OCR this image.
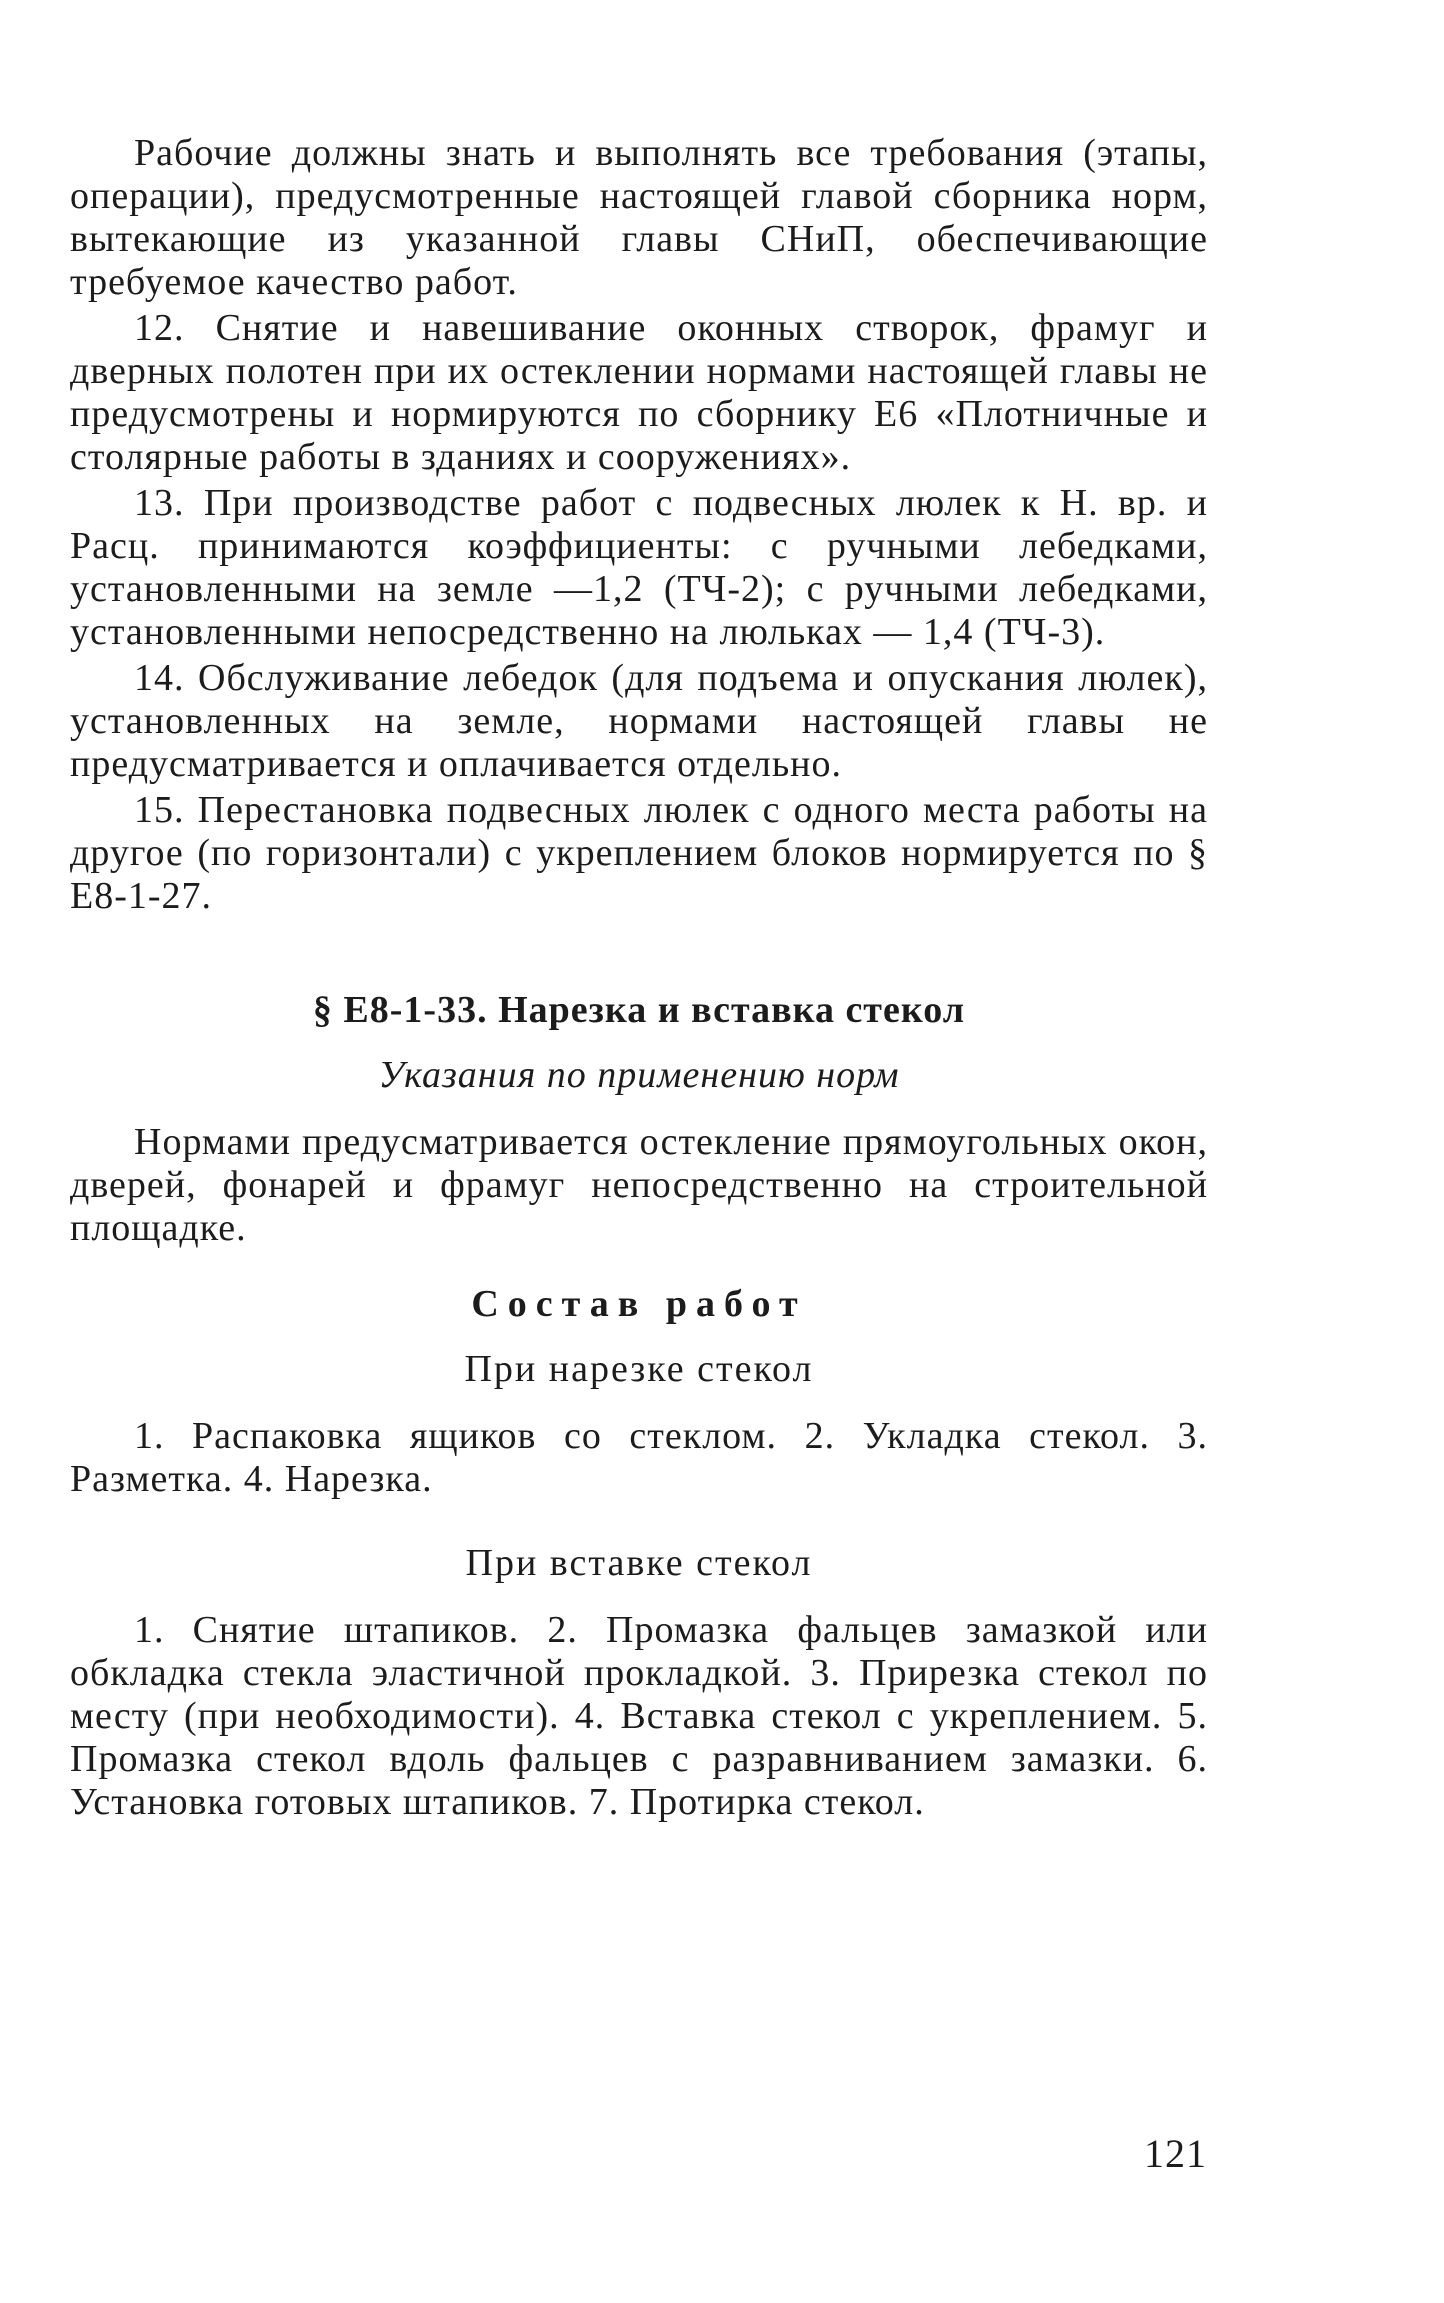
Рабочие должны знать и выполнять все требования (этапы, операции), предусмотренные настоящей главой сборника норм, вытекающие из указанной главы СНиП, обеспечивающие требуемое качество работ.

12. Снятие и навешивание оконных створок, фрамуг и дверных полотен при их остеклении нормами настоящей главы не предусмотрены и нормируются по сборнику Е6 «Плотничные и столярные работы в зданиях и сооружениях».

13. При производстве работ с подвесных люлек к Н. вр. и Расц. принимаются коэффициенты: с ручными лебедками, установленными на земле —1,2 (ТЧ-2); с ручными лебедками, установленными непосредственно на люльках — 1,4 (ТЧ-3).

14. Обслуживание лебедок (для подъема и опускания люлек), установленных на земле, нормами настоящей главы не предусматривается и оплачивается отдельно.

15. Перестановка подвесных люлек с одного места работы на другое (по горизонтали) с укреплением блоков нормируется по § Е8-1-27.

§ Е8-1-33. Нарезка и вставка стекол

Указания по применению норм

Нормами предусматривается остекление прямоугольных окон, дверей, фонарей и фрамуг непосредственно на строительной площадке.

Состав работ

При нарезке стекол

1. Распаковка ящиков со стеклом. 2. Укладка стекол. 3. Разметка. 4. Нарезка.

При вставке стекол

1. Снятие штапиков. 2. Промазка фальцев замазкой или обкладка стекла эластичной прокладкой. 3. Прирезка стекол по месту (при необходимости). 4. Вставка стекол с укреплением. 5. Промазка стекол вдоль фальцев с разравниванием замазки. 6. Установка готовых штапиков. 7. Протирка стекол.

121
